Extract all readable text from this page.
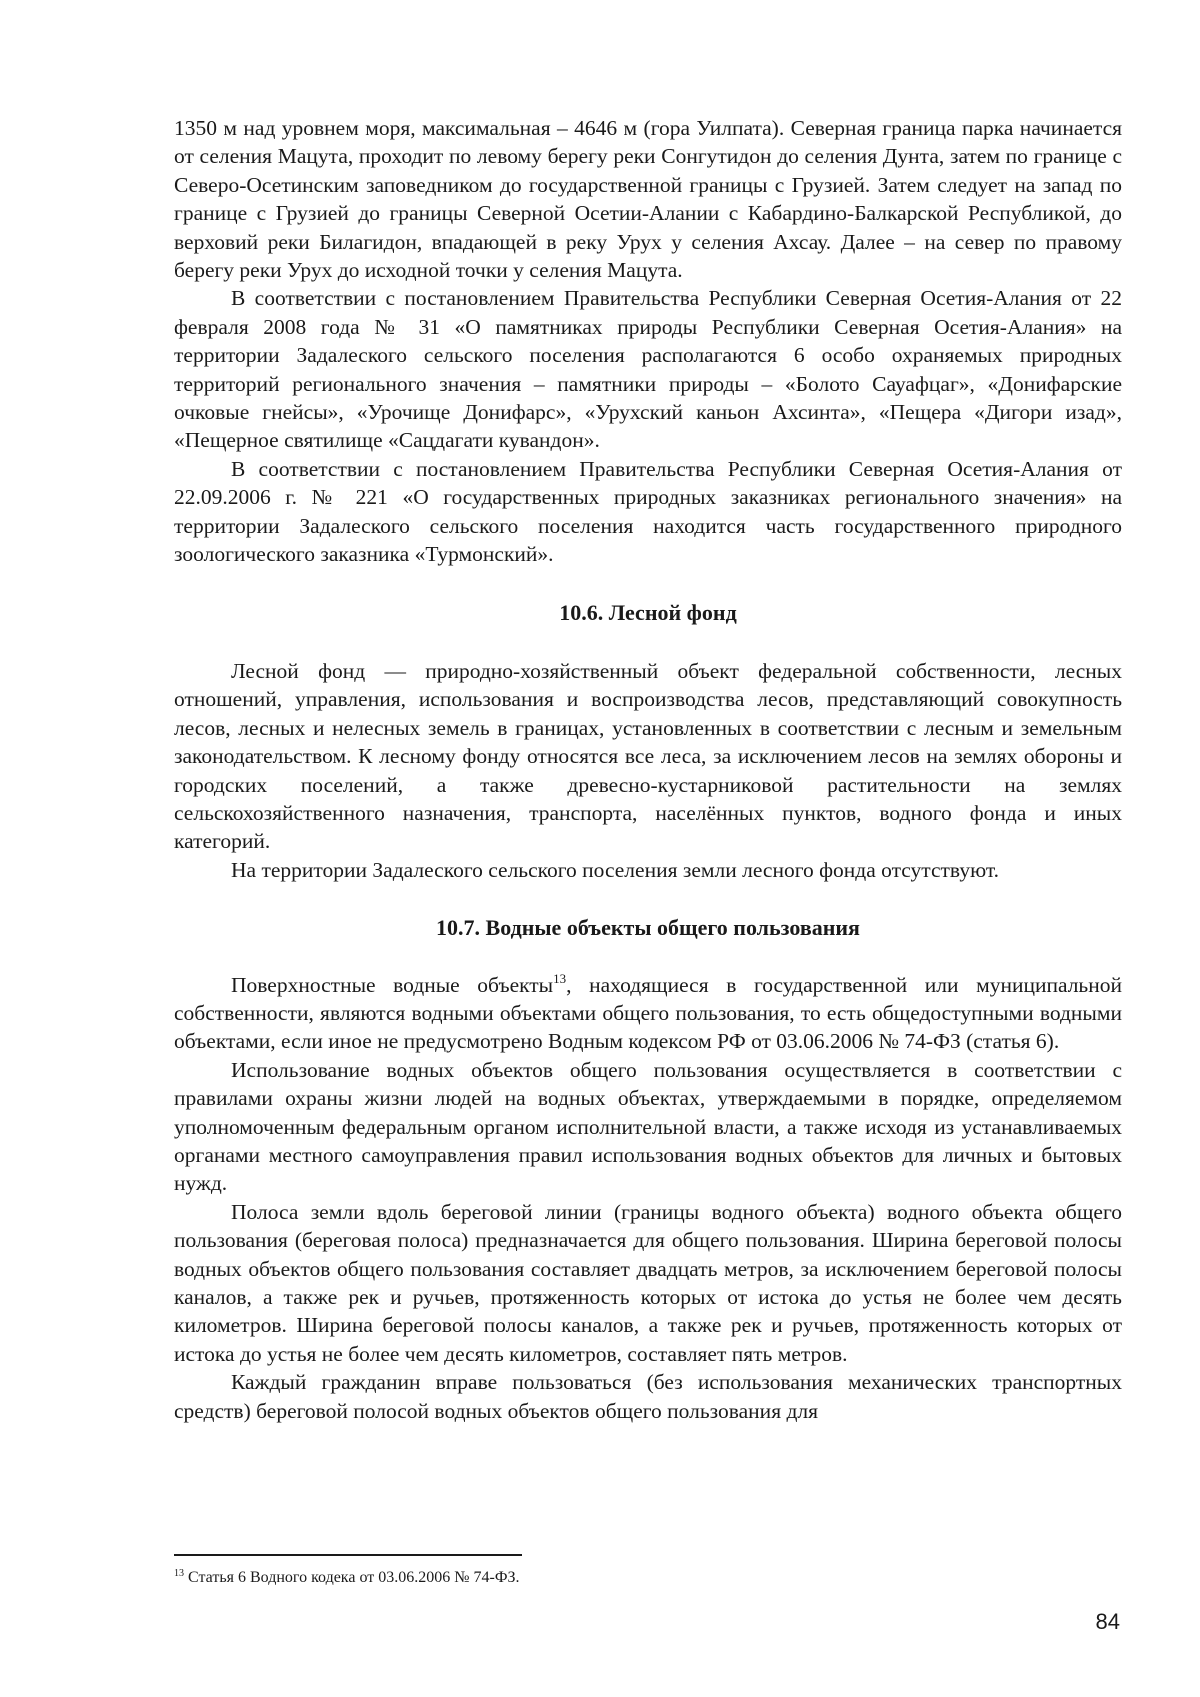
1350 м над уровнем моря, максимальная – 4646 м (гора Уилпата). Северная граница парка начинается от селения Мацута, проходит по левому берегу реки Сонгутидон до селения Дунта, затем по границе с Северо-Осетинским заповедником до государственной границы с Грузией. Затем следует на запад по границе с Грузией до границы Северной Осетии-Алании с Кабардино-Балкарской Республикой, до верховий реки Билагидон, впадающей в реку Урух у селения Ахсау. Далее – на север по правому берегу реки Урух до исходной точки у селения Мацута.

В соответствии с постановлением Правительства Республики Северная Осетия-Алания от 22 февраля 2008 года № 31 «О памятниках природы Республики Северная Осетия-Алания» на территории Задалеского сельского поселения располагаются 6 особо охраняемых природных территорий регионального значения – памятники природы – «Болото Сауафцаг», «Донифарские очковые гнейсы», «Урочище Донифарс», «Урухский каньон Ахсинта», «Пещера «Дигори изад», «Пещерное святилище «Сацдагати кувандон».

В соответствии с постановлением Правительства Республики Северная Осетия-Алания от 22.09.2006 г. № 221 «О государственных природных заказниках регионального значения» на территории Задалеского сельского поселения находится часть государственного природного зоологического заказника «Турмонский».

10.6. Лесной фонд

Лесной фонд — природно-хозяйственный объект федеральной собственности, лесных отношений, управления, использования и воспроизводства лесов, представляющий совокупность лесов, лесных и нелесных земель в границах, установленных в соответствии с лесным и земельным законодательством. К лесному фонду относятся все леса, за исключением лесов на землях обороны и городских поселений, а также древесно-кустарниковой растительности на землях сельскохозяйственного назначения, транспорта, населённых пунктов, водного фонда и иных категорий.

На территории Задалеского сельского поселения земли лесного фонда отсутствуют.

10.7. Водные объекты общего пользования

Поверхностные водные объекты$^{13}$, находящиеся в государственной или муниципальной собственности, являются водными объектами общего пользования, то есть общедоступными водными объектами, если иное не предусмотрено Водным кодексом РФ от 03.06.2006 № 74-ФЗ (статья 6).

Использование водных объектов общего пользования осуществляется в соответствии с правилами охраны жизни людей на водных объектах, утверждаемыми в порядке, определяемом уполномоченным федеральным органом исполнительной власти, а также исходя из устанавливаемых органами местного самоуправления правил использования водных объектов для личных и бытовых нужд.

Полоса земли вдоль береговой линии (границы водного объекта) водного объекта общего пользования (береговая полоса) предназначается для общего пользования. Ширина береговой полосы водных объектов общего пользования составляет двадцать метров, за исключением береговой полосы каналов, а также рек и ручьев, протяженность которых от истока до устья не более чем десять километров. Ширина береговой полосы каналов, а также рек и ручьев, протяженность которых от истока до устья не более чем десять километров, составляет пять метров.

Каждый гражданин вправе пользоваться (без использования механических транспортных средств) береговой полосой водных объектов общего пользования для

$^{13}$ Статья 6 Водного кодека от 03.06.2006 № 74-ФЗ.
84
